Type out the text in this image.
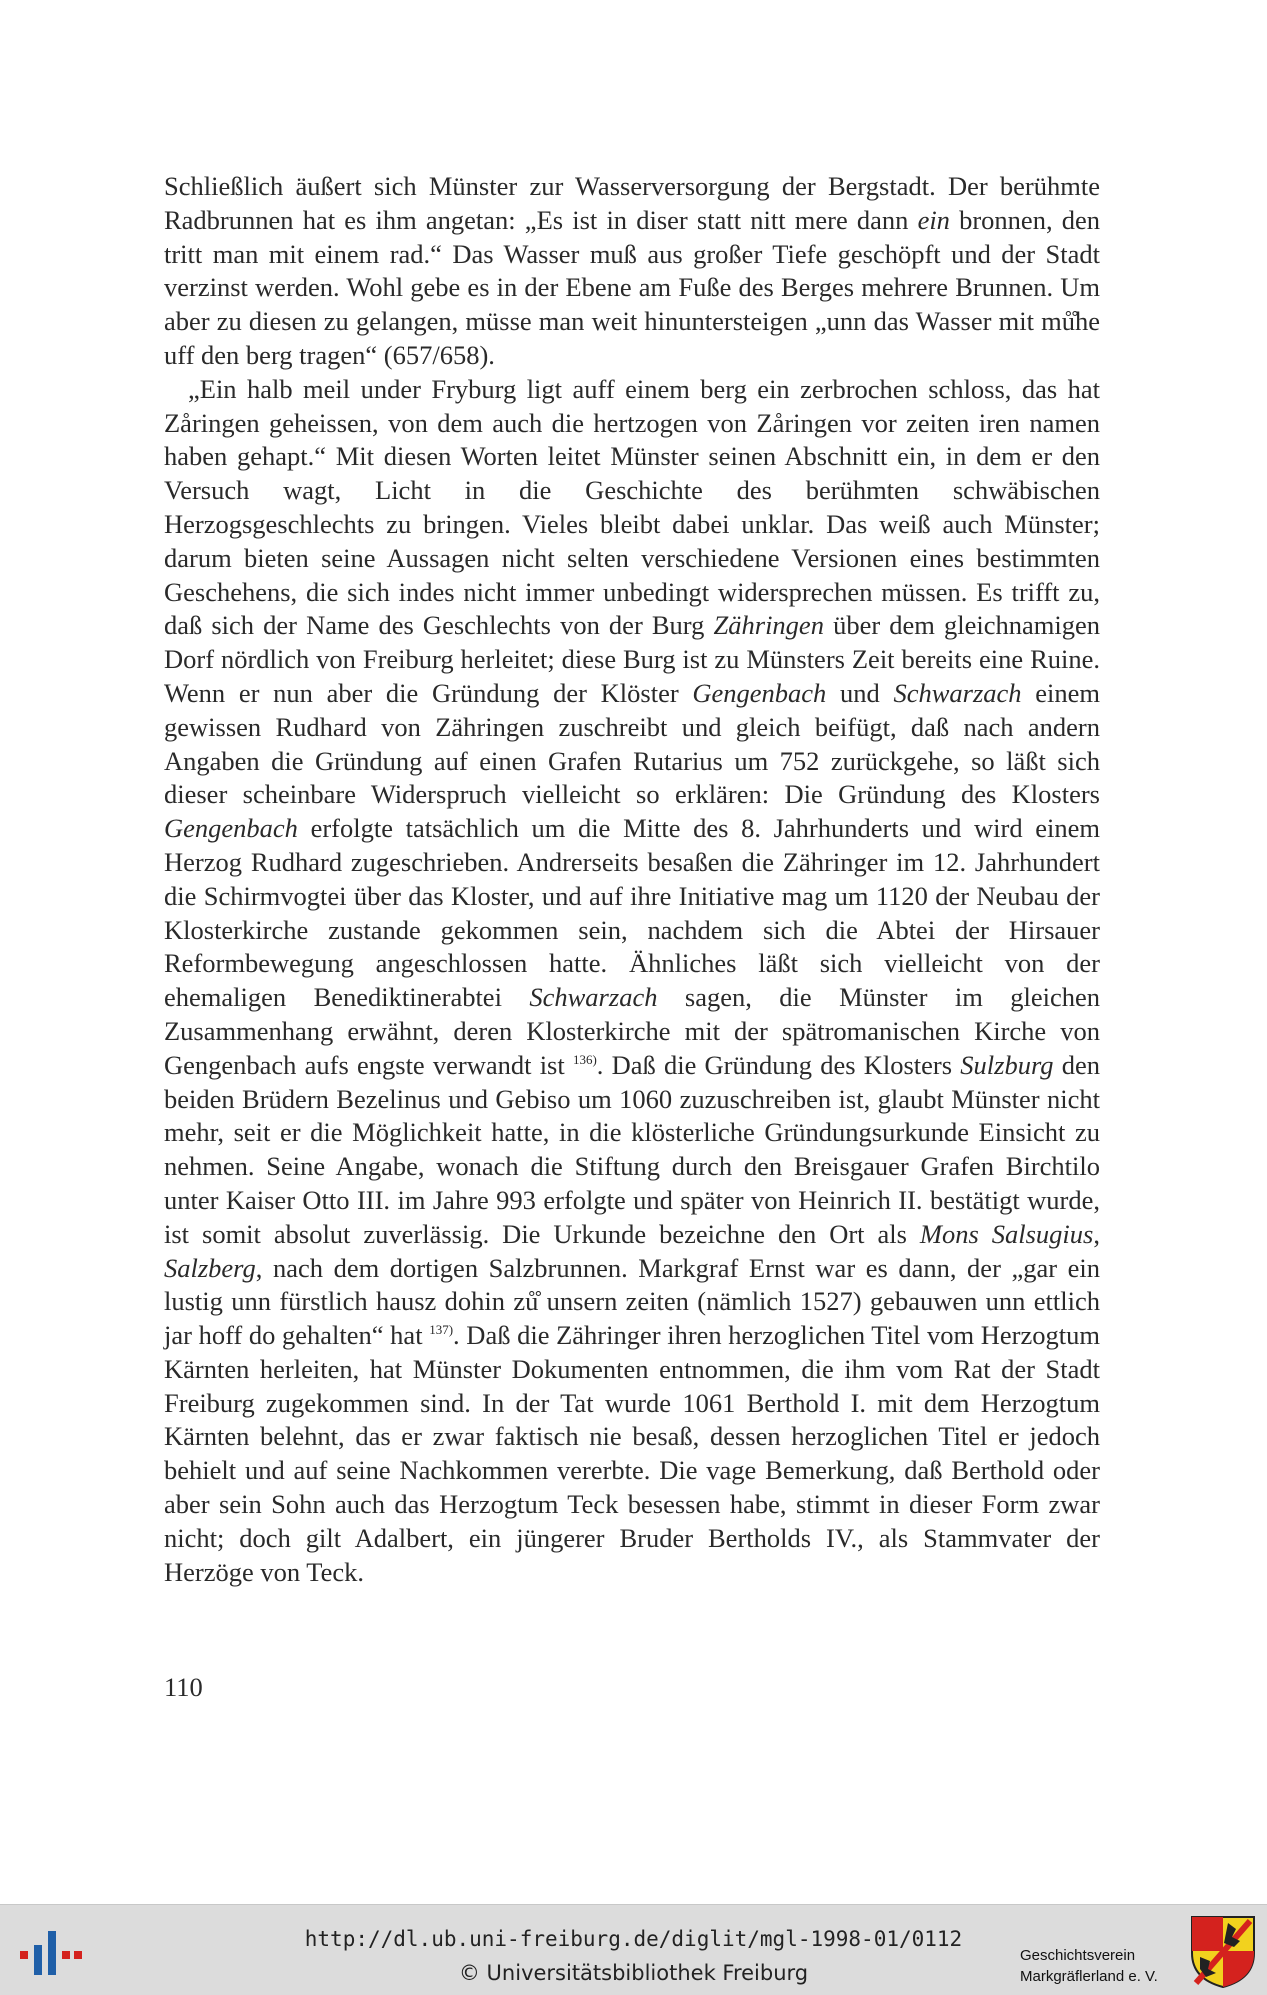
Schließlich äußert sich Münster zur Wasserversorgung der Bergstadt. Der berühmte Radbrunnen hat es ihm angetan: „Es ist in diser statt nitt mere dann ein bronnen, den tritt man mit einem rad.“ Das Wasser muß aus großer Tiefe geschöpft und der Stadt verzinst werden. Wohl gebe es in der Ebene am Fuße des Berges mehrere Brunnen. Um aber zu diesen zu gelangen, müsse man weit hinuntersteigen „unn das Wasser mit mů̊he uff den berg tragen“ (657/658).

„Ein halb meil under Fryburg ligt auff einem berg ein zerbrochen schloss, das hat Zåringen geheissen, von dem auch die hertzogen von Zåringen vor zeiten iren namen haben gehapt.“ Mit diesen Worten leitet Münster seinen Abschnitt ein, in dem er den Versuch wagt, Licht in die Geschichte des berühmten schwäbischen Herzogsgeschlechts zu bringen. Vieles bleibt dabei unklar. Das weiß auch Münster; darum bieten seine Aussagen nicht selten verschiedene Versionen eines bestimmten Geschehens, die sich indes nicht immer unbedingt widersprechen müssen. Es trifft zu, daß sich der Name des Geschlechts von der Burg Zähringen über dem gleichnamigen Dorf nördlich von Freiburg herleitet; diese Burg ist zu Münsters Zeit bereits eine Ruine. Wenn er nun aber die Gründung der Klöster Gengenbach und Schwarzach einem gewissen Rudhard von Zähringen zuschreibt und gleich beifügt, daß nach andern Angaben die Gründung auf einen Grafen Rutarius um 752 zurückgehe, so läßt sich dieser scheinbare Widerspruch vielleicht so erklären: Die Gründung des Klosters Gengenbach erfolgte tatsächlich um die Mitte des 8. Jahrhunderts und wird einem Herzog Rudhard zugeschrieben. Andrerseits besaßen die Zähringer im 12. Jahrhundert die Schirmvogtei über das Kloster, und auf ihre Initiative mag um 1120 der Neubau der Klosterkirche zustande gekommen sein, nachdem sich die Abtei der Hirsauer Reformbewegung angeschlossen hatte. Ähnliches läßt sich vielleicht von der ehemaligen Benediktinerabtei Schwarzach sagen, die Münster im gleichen Zusammenhang erwähnt, deren Klosterkirche mit der spätromanischen Kirche von Gengenbach aufs engste verwandt ist $^{136)}$. Daß die Gründung des Klosters Sulzburg den beiden Brüdern Bezelinus und Gebiso um 1060 zuzuschreiben ist, glaubt Münster nicht mehr, seit er die Möglichkeit hatte, in die klösterliche Gründungsurkunde Einsicht zu nehmen. Seine Angabe, wonach die Stiftung durch den Breisgauer Grafen Birchtilo unter Kaiser Otto III. im Jahre 993 erfolgte und später von Heinrich II. bestätigt wurde, ist somit absolut zuverlässig. Die Urkunde bezeichne den Ort als Mons Salsugius, Salzberg, nach dem dortigen Salzbrunnen. Markgraf Ernst war es dann, der „gar ein lustig unn fürstlich hausz dohin zů̊ unsern zeiten (nämlich 1527) gebauwen unn ettlich jar hoff do gehalten“ hat $^{137)}$. Daß die Zähringer ihren herzoglichen Titel vom Herzogtum Kärnten herleiten, hat Münster Dokumenten entnommen, die ihm vom Rat der Stadt Freiburg zugekommen sind. In der Tat wurde 1061 Berthold I. mit dem Herzogtum Kärnten belehnt, das er zwar faktisch nie besaß, dessen herzoglichen Titel er jedoch behielt und auf seine Nachkommen vererbte. Die vage Bemerkung, daß Berthold oder aber sein Sohn auch das Herzogtum Teck besessen habe, stimmt in dieser Form zwar nicht; doch gilt Adalbert, ein jüngerer Bruder Bertholds IV., als Stammvater der Herzöge von Teck.

110
http://dl.ub.uni-freiburg.de/diglit/mgl-1998-01/0112
© Universitätsbibliothek Freiburg
Geschichtsverein
Markgräflerland e. V.
